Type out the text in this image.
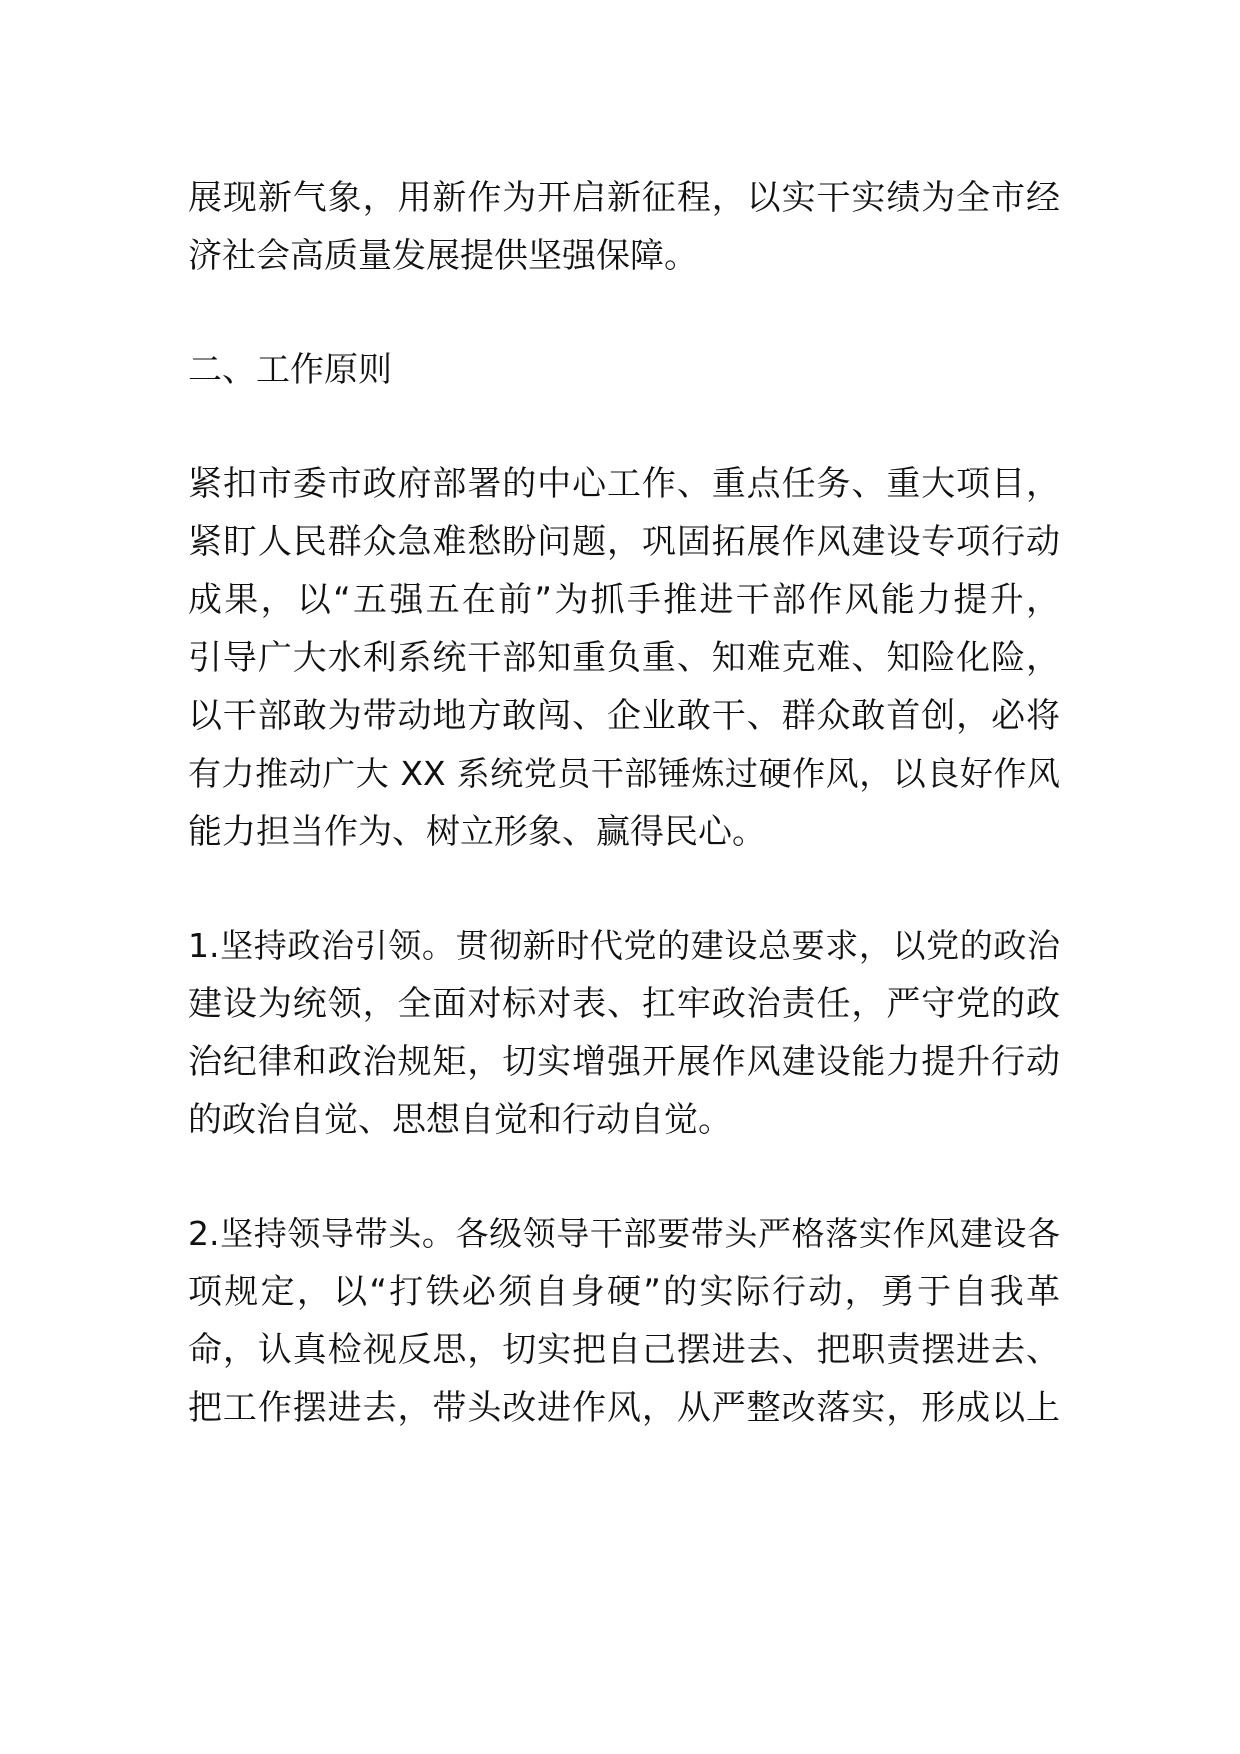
展现新气象，用新作为开启新征程，以实干实绩为全市经
济社会高质量发展提供坚强保障。
二、工作原则
紧扣市委市政府部署的中心工作、重点任务、重大项目，
紧盯人民群众急难愁盼问题，巩固拓展作风建设专项行动
成果，以“五强五在前”为抓手推进干部作风能力提升，
引导广大水利系统干部知重负重、知难克难、知险化险，
以干部敢为带动地方敢闯、企业敢干、群众敢首创，必将
有力推动广大 XX 系统党员干部锤炼过硬作风，以良好作风
能力担当作为、树立形象、赢得民心。
1.坚持政治引领。贯彻新时代党的建设总要求，以党的政治
建设为统领，全面对标对表、扛牢政治责任，严守党的政
治纪律和政治规矩，切实增强开展作风建设能力提升行动
的政治自觉、思想自觉和行动自觉。
2.坚持领导带头。各级领导干部要带头严格落实作风建设各
项规定，以“打铁必须自身硬”的实际行动，勇于自我革
命，认真检视反思，切实把自己摆进去、把职责摆进去、
把工作摆进去，带头改进作风，从严整改落实，形成以上
